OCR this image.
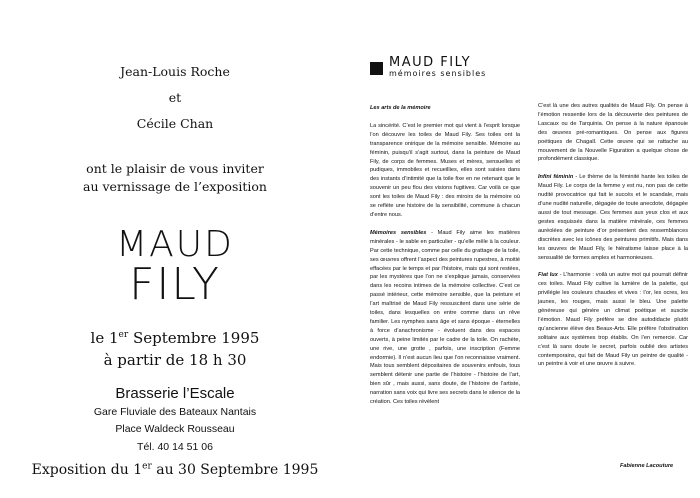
Jean-Louis Roche
et
Cécile Chan
ont le plaisir de vous inviter
au vernissage de l’exposition
MAUD
FILY
le 1er Septembre 1995
à partir de 18 h 30
Brasserie l’Escale
Gare Fluviale des Bateaux Nantais
Place Waldeck Rousseau
Tél. 40 14 51 06
Exposition du 1er au 30 Septembre 1995
MAUD FILY
mémoires sensibles

Les arts de la mémoire

La sincérité. C’est le premier mot qui vient à l’esprit lorsque l’on découvre les toiles de Maud Fily. Ses toiles ont la transparence onirique de la mémoire sensible. Mémoire au féminin, puisqu’il s’agit surtout, dans la peinture de Maud Fily, de corps de femmes. Muses et mères, sensuelles et pudiques, immobiles et recueillies, elles sont saisies dans des instants d’intimité que la toile fixe en ne retenant que le souvenir un peu flou des visions fugitives. Car voilà ce que sont les toiles de Maud Fily : des miroirs de la mémoire où se reflète une histoire de la sensibilité, commune à chacun d’entre nous.

Mémoires sensibles - Maud Fily aime les matières minérales - le sable en particulier - qu’elle mêle à la couleur. Par cette technique, comme par celle du grattage de la toile, ses œuvres offrent l’aspect des peintures rupestres, à moitié effacées par le temps et par l’histoire, mais qui sont restées, par les mystères que l’on ne s’explique jamais, conservées dans les recoins intimes de la mémoire collective. C’est ce passé intérieur, cette mémoire sensible, que la peinture et l’art maîtrisé de Maud Fily ressuscitent dans une série de toiles, dans lesquelles on entre comme dans un rêve familier. Les nymphes sans âge et sans époque - éternelles à force d’anachronisme - évoluent dans des espaces ouverts, à peine limités par le cadre de la toile. On rachète, une rive, une grotte , parfois, une inscription (Femme endormie). Il n’est aucun lieu que l’on reconnaisse vraiment. Mais tous semblent dépositaires de souvenirs enfouis, tous semblent détenir une partie de l’histoire - l’histoire de l’art, bien sûr , mais aussi, sans doute, de l’histoire de l’artiste, narration sans voix qui livre ses secrets dans le silence de la création. Ces toiles révèlent

C’est là une des autres qualités de Maud Fily. On pense à l’émotion ressentie lors de la découverte des peintures de Lascaux ou de Tarquinia. On pense à la nature épanouie des œuvres pré-romantiques. On pense aux figures poétiques de Chagall. Cette œuvre qui se rattache au mouvement de la Nouvelle Figuration a quelque chose de profondément classique.

Infini féminin - Le thème de la féminité hante les toiles de Maud Fily. Le corps de la femme y est nu, non pas de cette nudité provocatrice qui fait le succès et le scandale, mais d’une nudité naturelle, dégagée de toute anecdote, dégagée aussi de tout message. Ces femmes aux yeux clos et aux gestes esquissés dans la matière minérale, ces femmes auréolées de peinture d’or présentent des ressemblances discrètes avec les icônes des peintures primitifs. Mais dans les œuvres de Maud Fily, le hiératisme laisse place à la sensualité de formes amples et harmonieuses.

Fiat lux - L’harmonie : voilà un autre mot qui pourrait définir ces toiles. Maud Fily cultive la lumière de la palette, qui privilégie les couleurs chaudes et vives : l’or, les ocres, les jaunes, les rouges, mais aussi le bleu. Une palette généreuse qui génère un climat poétique et suscite l’émotion. Maud Fily préfère se dire autodidacte plutôt qu’ancienne élève des Beaux-Arts. Elle préfère l’obstination solitaire aux systèmes trop établis. On l’en remercie. Car c’est là sans doute le secret, parfois oublié des artistes contemporains, qui fait de Maud Fily un peintre de qualité - un peintre à voir et une œuvre à suivre.

Fabienne Lacouture
